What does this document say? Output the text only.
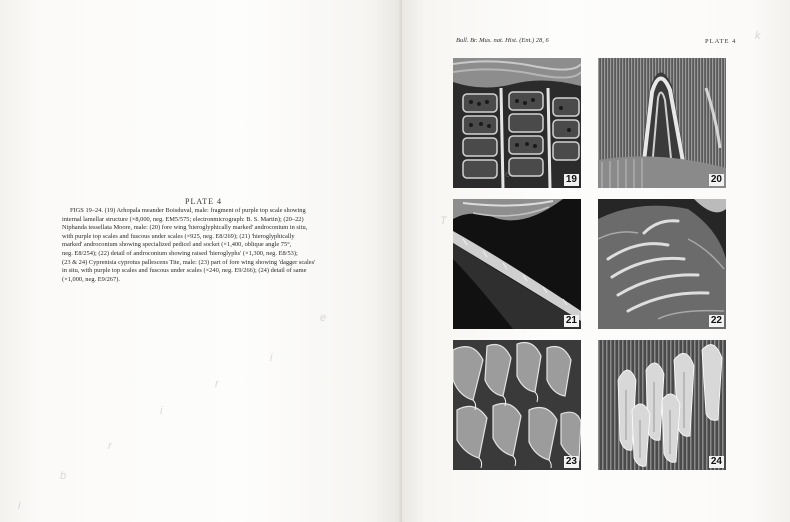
PLATE 4

FIGS 19–24. (19) Arhopala meander Boisduval, male: fragment of purple top scale showing

internal lamellar structure (×8,000, neg. EM5/575; electronmicrograph: B. S. Martin); (20–22)
Niphanda tessellata Moore, male: (20) fore wing 'hieroglyphically marked' androconium in situ,
with purple top scales and fuscous under scales (×925, neg. E8/269); (21) 'hieroglyphically
marked' androconium showing specialized pedicel and socket (×1,400, oblique angle 75°,
neg. E8/254); (22) detail of androconium showing raised 'hieroglyphs' (×1,300, neg. E8/53);
(23 & 24) Cyprenisia cyprotus pallescens Tite, male: (23) part of fore wing showing 'dagger scales'
in situ, with purple top scales and fuscous under scales (×240, neg. E9/266); (24) detail of same
(×1,000, neg. E9/267).
Bull. Br. Mus. nat. Hist. (Ent.) 28, 6	PLATE 4
19	20
21	22
23	24
k
e
T
e
i
r
i
r
b
i
